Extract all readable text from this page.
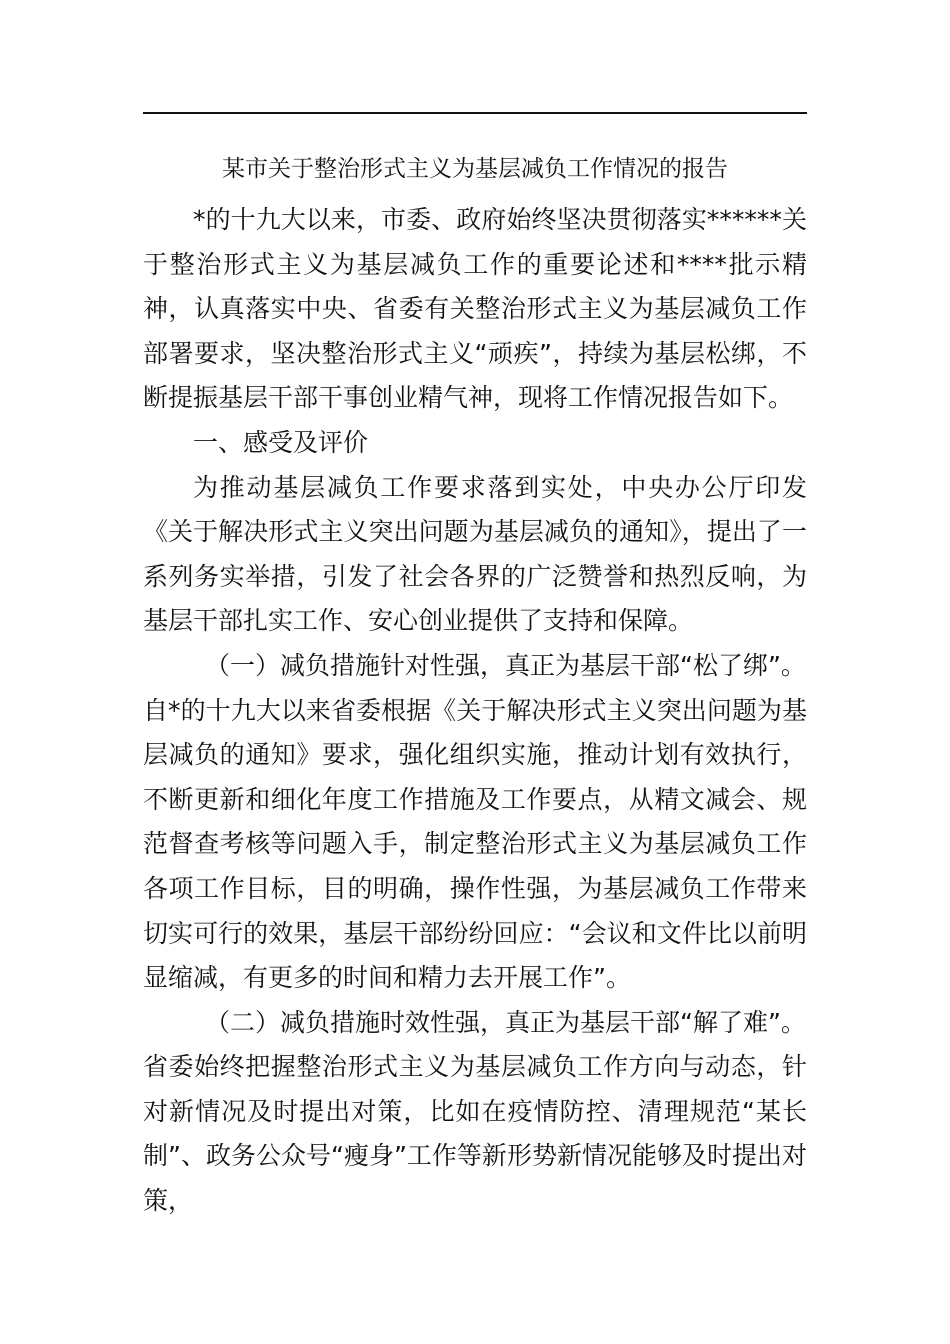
某市关于整治形式主义为基层减负工作情况的报告

*的十九大以来，市委、政府始终坚决贯彻落实******关于整治形式主义为基层减负工作的重要论述和****批示精神，认真落实中央、省委有关整治形式主义为基层减负工作部署要求，坚决整治形式主义“顽疾”，持续为基层松绑，不断提振基层干部干事创业精气神，现将工作情况报告如下。

一、感受及评价

为推动基层减负工作要求落到实处，中央办公厅印发《关于解决形式主义突出问题为基层减负的通知》，提出了一系列务实举措，引发了社会各界的广泛赞誉和热烈反响，为基层干部扎实工作、安心创业提供了支持和保障。

（一）减负措施针对性强，真正为基层干部“松了绑”。

自*的十九大以来省委根据《关于解决形式主义突出问题为基层减负的通知》要求，强化组织实施，推动计划有效执行，不断更新和细化年度工作措施及工作要点，从精文减会、规范督查考核等问题入手，制定整治形式主义为基层减负工作各项工作目标，目的明确，操作性强，为基层减负工作带来切实可行的效果，基层干部纷纷回应：“会议和文件比以前明显缩减，有更多的时间和精力去开展工作”。

（二）减负措施时效性强，真正为基层干部“解了难”。

省委始终把握整治形式主义为基层减负工作方向与动态，针对新情况及时提出对策，比如在疫情防控、清理规范“某长制”、政务公众号“瘦身”工作等新形势新情况能够及时提出对策，
